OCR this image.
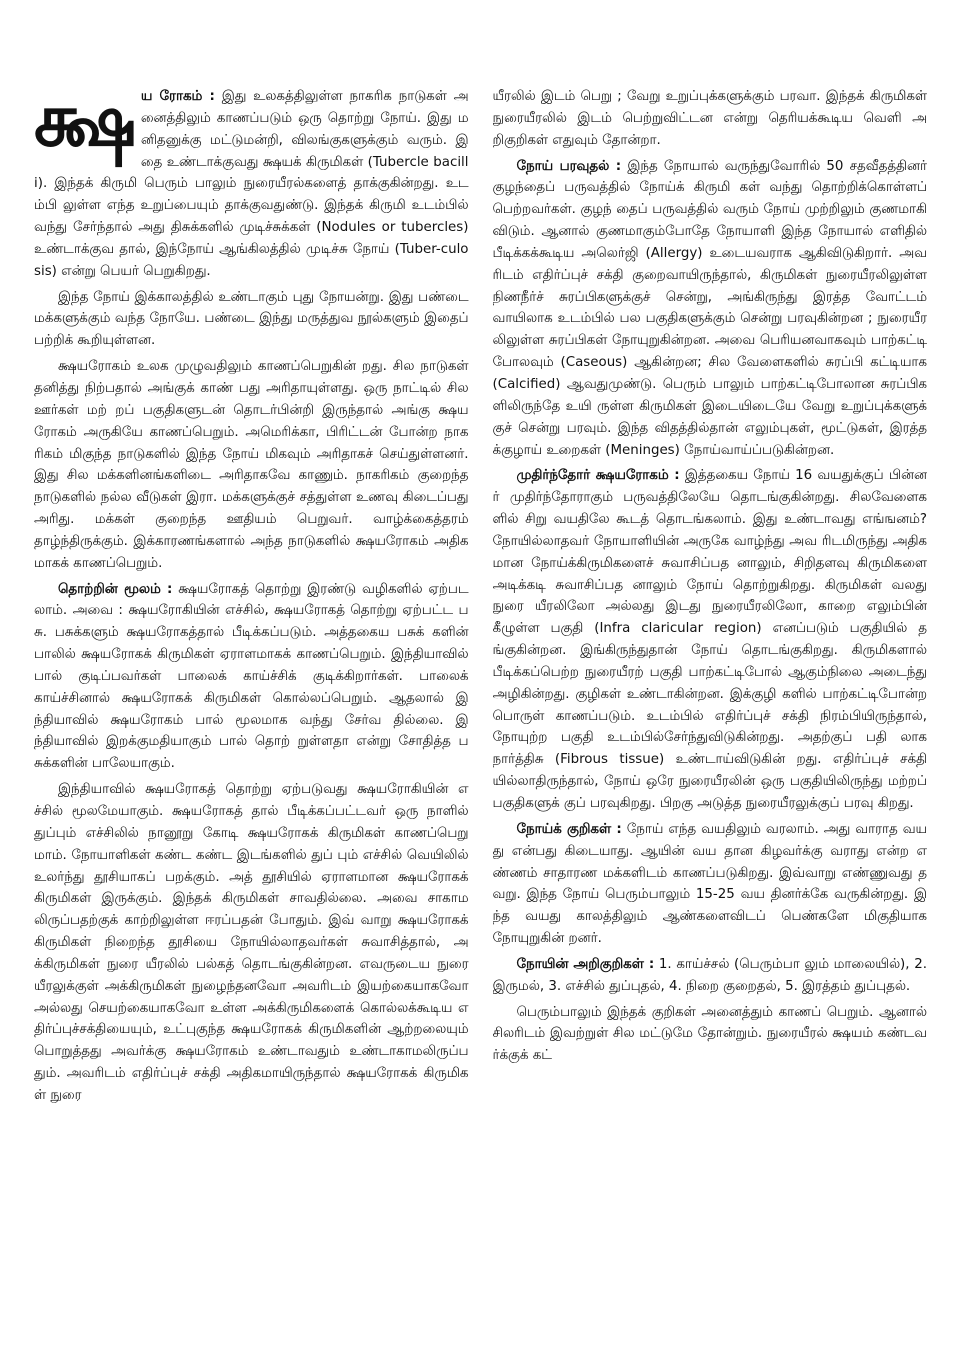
க்ஷ ய ரோகம் : இது உலகத்திலுள்ள நாகரிக நாடுகள் அனைத்திலும் காணப்படும் ஒரு தொற்று நோய். இது மனிதனுக்கு மட்டுமன்றி, விலங்குகளுக்கும் வரும். இதை உண்டாக்குவது க்ஷயக் கிருமிகள் (Tubercle bacilli). இந்தக் கிருமி பெரும் பாலும் நுரையீரல்களைத் தாக்குகின்றது. உடம்பி லுள்ள எந்த உறுப்பையும் தாக்குவதுண்டு. இந்தக் கிருமி உடம்பில் வந்து சேர்ந்தால் அது திசுக்களில் முடிச்சுக்கள் (Nodules or tubercles) உண்டாக்குவ தால், இந்நோய் ஆங்கிலத்தில் முடிச்சு நோய் (Tuber-culosis) என்று பெயர் பெறுகிறது.

இந்த நோய் இக்காலத்தில் உண்டாகும் புது நோயன்று. இது பண்டை மக்களுக்கும் வந்த நோயே. பண்டை இந்து மருத்துவ நூல்களும் இதைப் பற்றிக் கூறியுள்ளன.

க்ஷயரோகம் உலக முழுவதிலும் காணப்பெறுகின் றது. சில நாடுகள் தனித்து நிற்பதால் அங்குக் காண் பது அரிதாயுள்ளது. ஒரு நாட்டில் சில ஊர்கள் மற் றப் பகுதிகளுடன் தொடர்பின்றி இருந்தால் அங்கு க்ஷயரோகம் அருகியே காணப்பெறும். அமெரிக்கா, பிரிட்டன் போன்ற நாகரிகம் மிகுந்த நாடுகளில் இந்த நோய் மிகவும் அரிதாகச் செய்துள்ளனர். இது சில மக்களினங்களிடை அரிதாகவே காணும். நாகரிகம் குறைந்த நாடுகளில் நல்ல வீடுகள் இரா. மக்களுக்குச் சத்துள்ள உணவு கிடைப்பது அரிது. மக்கள் குறைந்த ஊதியம் பெறுவர். வாழ்க்கைத்தரம் தாழ்ந்திருக்கும். இக்காரணங்களால் அந்த நாடுகளில் க்ஷயரோகம் அதிகமாகக் காணப்பெறும்.

தொற்றின் மூலம் : க்ஷயரோகத் தொற்று இரண்டு வழிகளில் ஏற்படலாம். அவை : க்ஷயரோகியின் எச்சில், க்ஷயரோகத் தொற்று ஏற்பட்ட பசு. பசுக்களும் க்ஷயரோகத்தால் பீடிக்கப்படும். அத்தகைய பசுக் களின் பாலில் க்ஷயரோகக் கிருமிகள் ஏராளமாகக் காணப்பெறும். இந்தியாவில் பால் குடிப்பவர்கள் பாலைக் காய்ச்சிக் குடிக்கிறார்கள். பாலைக் காய்ச்சினால் க்ஷயரோகக் கிருமிகள் கொல்லப்பெறும். ஆதலால் இந்தியாவில் க்ஷயரோகம் பால் மூலமாக வந்து சேர்வ தில்லை. இந்தியாவில் இறக்குமதியாகும் பால் தொற் றுள்ளதா என்று சோதித்த பசுக்களின் பாலேயாகும்.

இந்தியாவில் க்ஷயரோகத் தொற்று ஏற்படுவது க்ஷயரோகியின் எச்சில் மூலமேயாகும். க்ஷயரோகத் தால் பீடிக்கப்பட்டவர் ஒரு நாளில் துப்பும் எச்சிலில் நானூறு கோடி க்ஷயரோகக் கிருமிகள் காணப்பெறு மாம். நோயாளிகள் கண்ட கண்ட இடங்களில் துப் பும் எச்சில் வெயிலில் உலர்ந்து தூசியாகப் பறக்கும். அத் தூசியில் ஏராளமான க்ஷயரோகக் கிருமிகள் இருக்கும். இந்தக் கிருமிகள் சாவதில்லை. அவை சாகாம லிருப்பதற்குக் காற்றிலுள்ள ஈரப்பதன் போதும். இவ் வாறு க்ஷயரோகக் கிருமிகள் நிறைந்த தூசியை நோயில்லாதவர்கள் சுவாசித்தால், அக்கிருமிகள் நுரை யீரலில் பல்கத் தொடங்குகின்றன. எவருடைய நுரை யீரலுக்குள் அக்கிருமிகள் நுழைந்தனவோ அவரிடம் இயற்கையாகவோ அல்லது செயற்கையாகவோ உள்ள அக்கிருமிகளைக் கொல்லக்கூடிய எதிர்ப்புச்சக்தியையும், உட்புகுந்த க்ஷயரோகக் கிருமிகளின் ஆற்றலையும் பொறுத்தது அவர்க்கு க்ஷயரோகம் உண்டாவதும் உண்டாகாமலிருப்பதும். அவரிடம் எதிர்ப்புச் சக்தி அதிகமாயிருந்தால் க்ஷயரோகக் கிருமிகள் நுரை

யீரலில் இடம் பெறு ; வேறு உறுப்புக்களுக்கும் பரவா. இந்தக் கிருமிகள் நுரையீரலில் இடம் பெற்றுவிட்டன என்று தெரியக்கூடிய வெளி அறிகுறிகள் எதுவும் தோன்றா.

நோய் பரவுதல் : இந்த நோயால் வருந்துவோரில் 50 சதவீதத்தினர் குழந்தைப் பருவத்தில் நோய்க் கிருமி கள் வந்து தொற்றிக்கொள்ளப் பெற்றவர்கள். குழந் தைப் பருவத்தில் வரும் நோய் முற்றிலும் குணமாகி விடும். ஆனால் குணமாகும்போதே நோயாளி இந்த நோயால் எளிதில் பீடிக்கக்கூடிய அலெர்ஜி (Allergy) உடையவராக ஆகிவிடுகிறார். அவரிடம் எதிர்ப்புச் சக்தி குறைவாயிருந்தால், கிருமிகள் நுரையீரலிலுள்ள நிணநீர்ச் சுரப்பிகளுக்குச் சென்று, அங்கிருந்து இரத்த வோட்டம் வாயிலாக உடம்பில் பல பகுதிகளுக்கும் சென்று பரவுகின்றன ; நுரையீரலிலுள்ள சுரப்பிகள் நோயுறுகின்றன. அவை பெரியனவாகவும் பாற்கட்டி போலவும் (Caseous) ஆகின்றன; சில வேளைகளில் சுரப்பி கட்டியாக (Calcified) ஆவதுமுண்டு. பெரும் பாலும் பாற்கட்டிபோலான சுரப்பிகளிலிருந்தே உயி ருள்ள கிருமிகள் இடையிடையே வேறு உறுப்புக்களுக் குச் சென்று பரவும். இந்த விதத்தில்தான் எலும்புகள், மூட்டுகள், இரத்தக்குழாய் உறைகள் (Meninges) நோய்வாய்ப்படுகின்றன.

முதிர்ந்தோர் க்ஷயரோகம் : இத்தகைய நோய் 16 வயதுக்குப் பின்னர் முதிர்ந்தோராகும் பருவத்திலேயே தொடங்குகின்றது. சிலவேளைகளில் சிறு வயதிலே கூடத் தொடங்கலாம். இது உண்டாவது எங்ஙனம்? நோயில்லாதவர் நோயாளியின் அருகே வாழ்ந்து அவ ரிடமிருந்து அதிகமான நோய்க்கிருமிகளைச் சுவாசிப்பத னாலும், சிறிதளவு கிருமிகளை அடிக்கடி சுவாசிப்பத னாலும் நோய் தொற்றுகிறது. கிருமிகள் வலது நுரை யீரலிலோ அல்லது இடது நுரையீரலிலோ, காறை எலும்பின் கீழுள்ள பகுதி (Infra claricular region) எனப்படும் பகுதியில் தங்குகின்றன. இங்கிருந்துதான் நோய் தொடங்குகிறது. கிருமிகளால் பீடிக்கப்பெற்ற நுரையீரற் பகுதி பாற்கட்டிபோல் ஆகும்நிலை அடைந்து அழிகின்றது. குழிகள் உண்டாகின்றன. இக்குழி களில் பாற்கட்டிபோன்ற பொருள் காணப்படும். உடம்பில் எதிர்ப்புச் சக்தி நிரம்பியிருந்தால், நோயுற்ற பகுதி உடம்பில்சேர்ந்துவிடுகின்றது. அதற்குப் பதி லாக நார்த்திசு (Fibrous tissue) உண்டாய்விடுகின் றது. எதிர்ப்புச் சக்தி யில்லாதிருந்தால், நோய் ஒரே நுரையீரலின் ஒரு பகுதியிலிருந்து மற்றப் பகுதிகளுக் குப் பரவுகிறது. பிறகு அடுத்த நுரையீரலுக்குப் பரவு கிறது.

நோய்க் குறிகள் : நோய் எந்த வயதிலும் வரலாம். அது வாராத வயது என்பது கிடையாது. ஆயின் வய தான கிழவர்க்கு வராது என்ற எண்ணம் சாதாரண மக்களிடம் காணப்படுகிறது. இவ்வாறு எண்ணுவது தவறு. இந்த நோய் பெரும்பாலும் 15-25 வய தினர்க்கே வருகின்றது. இந்த வயது காலத்திலும் ஆண்களைவிடப் பெண்களே மிகுதியாக நோயுறுகின் றனர்.

நோயின் அறிகுறிகள் : 1. காய்ச்சல் (பெரும்பா லும் மாலையில்), 2. இருமல், 3. எச்சில் துப்புதல், 4. நிறை குறைதல், 5. இரத்தம் துப்புதல்.

பெரும்பாலும் இந்தக் குறிகள் அனைத்தும் காணப் பெறும். ஆனால் சிலரிடம் இவற்றுள் சில மட்டுமே தோன்றும். நுரையீரல் க்ஷயம் கண்டவர்க்குக் கட்
